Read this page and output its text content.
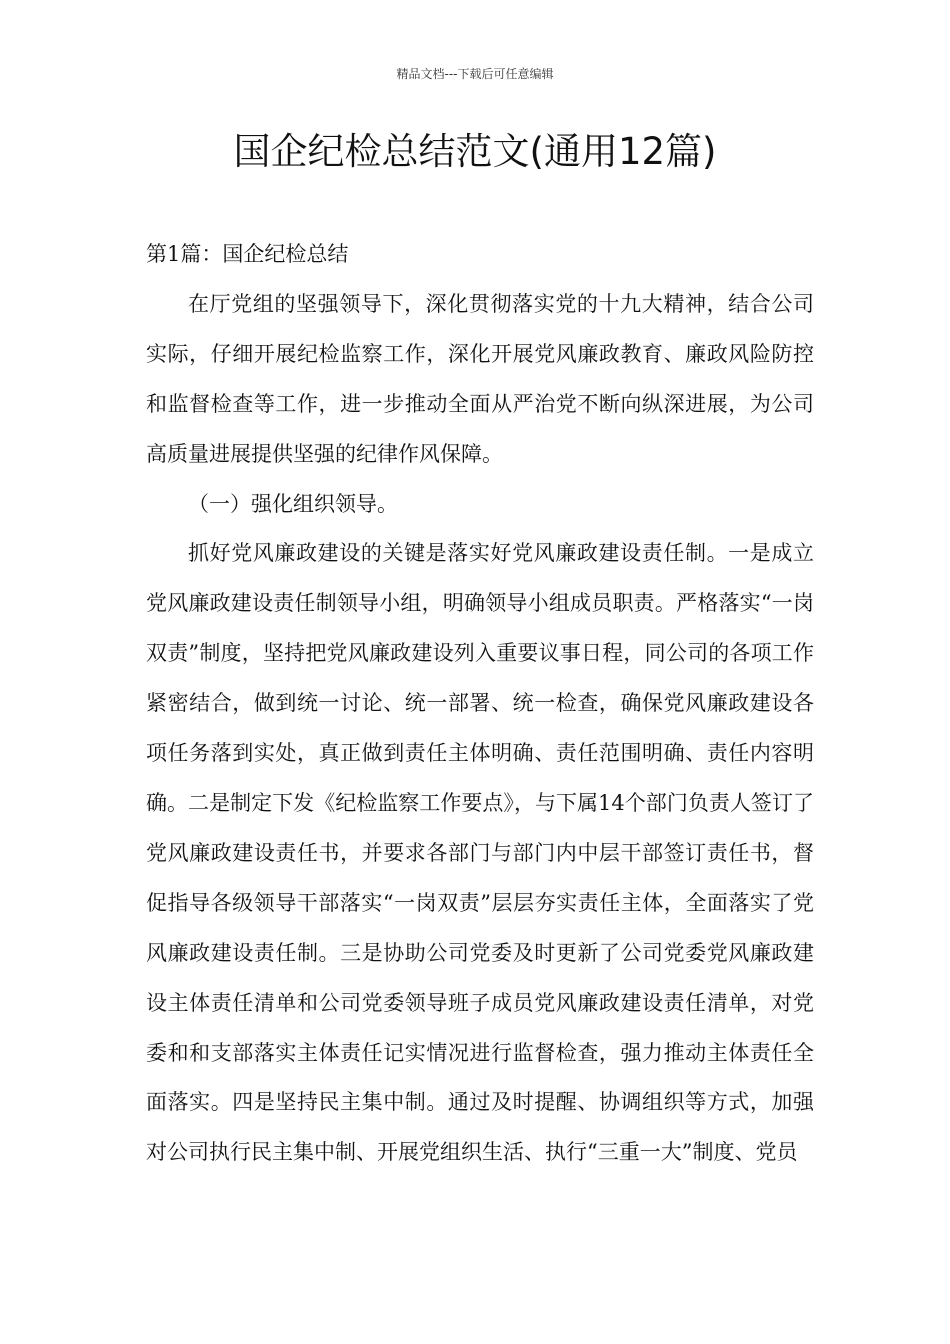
精品文档---下载后可任意编辑
国企纪检总结范文(通用12篇)

第1篇：国企纪检总结

在厅党组的坚强领导下，深化贯彻落实党的十九大精神，结合公司实际，仔细开展纪检监察工作，深化开展党风廉政教育、廉政风险防控和监督检查等工作，进一步推动全面从严治党不断向纵深进展，为公司高质量进展提供坚强的纪律作风保障。

（一）强化组织领导。

抓好党风廉政建设的关键是落实好党风廉政建设责任制。一是成立党风廉政建设责任制领导小组，明确领导小组成员职责。严格落实“一岗双责”制度，坚持把党风廉政建设列入重要议事日程，同公司的各项工作紧密结合，做到统一讨论、统一部署、统一检查，确保党风廉政建设各项任务落到实处，真正做到责任主体明确、责任范围明确、责任内容明确。二是制定下发《纪检监察工作要点》，与下属14个部门负责人签订了党风廉政建设责任书，并要求各部门与部门内中层干部签订责任书，督促指导各级领导干部落实“一岗双责”层层夯实责任主体，全面落实了党风廉政建设责任制。三是协助公司党委及时更新了公司党委党风廉政建设主体责任清单和公司党委领导班子成员党风廉政建设责任清单，对党委和和支部落实主体责任记实情况进行监督检查，强力推动主体责任全面落实。四是坚持民主集中制。通过及时提醒、协调组织等方式，加强对公司执行民主集中制、开展党组织生活、执行“三重一大”制度、党员
